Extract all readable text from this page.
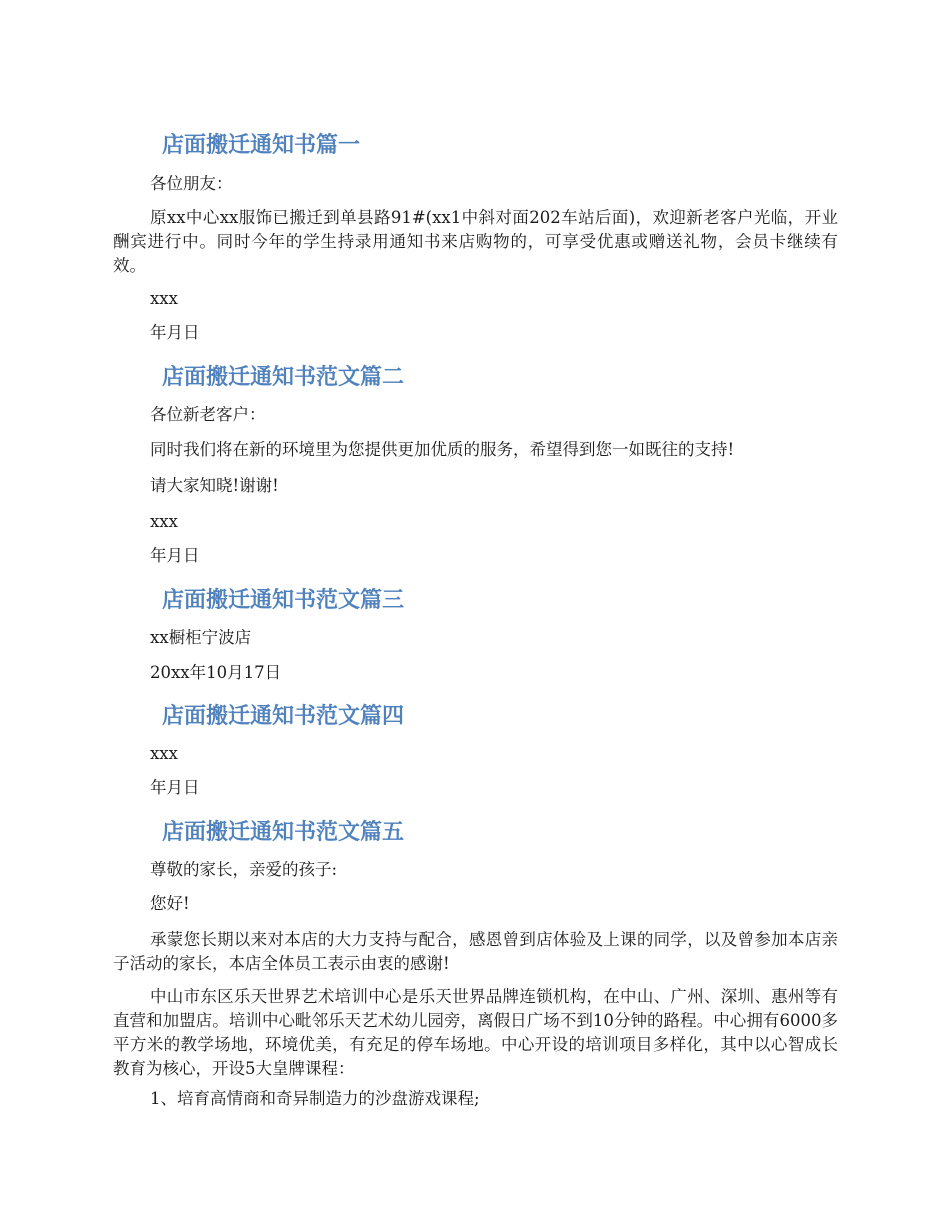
店面搬迁通知书篇一
各位朋友：
原xx中心xx服饰已搬迁到单县路91#(xx1中斜对面202车站后面)，欢迎新老客户光临，开业酬宾进行中。同时今年的学生持录用通知书来店购物的，可享受优惠或赠送礼物，会员卡继续有效。
xxx
年月日
店面搬迁通知书范文篇二
各位新老客户：
同时我们将在新的环境里为您提供更加优质的服务，希望得到您一如既往的支持!
请大家知晓!谢谢!
xxx
年月日
店面搬迁通知书范文篇三
xx橱柜宁波店
20xx年10月17日
店面搬迁通知书范文篇四
xxx
年月日
店面搬迁通知书范文篇五
尊敬的家长，亲爱的孩子:
您好!
承蒙您长期以来对本店的大力支持与配合，感恩曾到店体验及上课的同学，以及曾参加本店亲子活动的家长，本店全体员工表示由衷的感谢!
中山市东区乐天世界艺术培训中心是乐天世界品牌连锁机构，在中山、广州、深圳、惠州等有直营和加盟店。培训中心毗邻乐天艺术幼儿园旁，离假日广场不到10分钟的路程。中心拥有6000多平方米的教学场地，环境优美，有充足的停车场地。中心开设的培训项目多样化，其中以心智成长教育为核心，开设5大皇牌课程：
1、培育高情商和奇异制造力的沙盘游戏课程;
